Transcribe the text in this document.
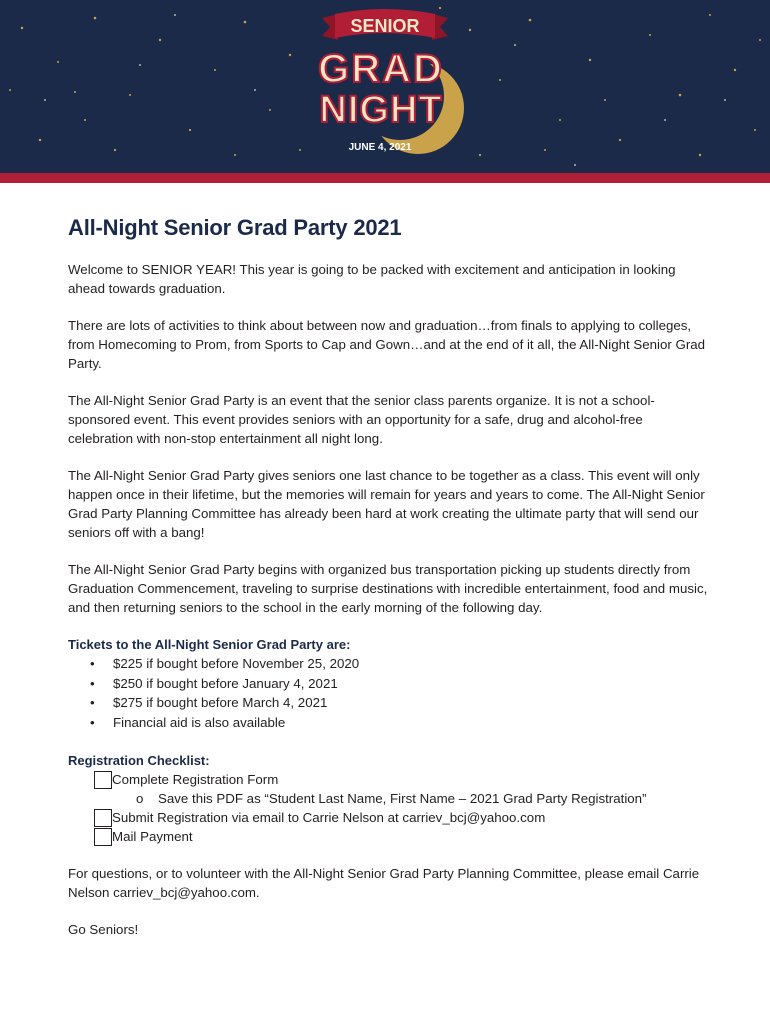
SENIOR
GRAD
NIGHT
JUNE 4, 2021
All-Night Senior Grad Party 2021

Welcome to SENIOR YEAR! This year is going to be packed with excitement and anticipation in looking ahead towards graduation.

There are lots of activities to think about between now and graduation…from finals to applying to colleges, from Homecoming to Prom, from Sports to Cap and Gown…and at the end of it all, the All-Night Senior Grad Party.

The All-Night Senior Grad Party is an event that the senior class parents organize. It is not a school-sponsored event. This event provides seniors with an opportunity for a safe, drug and alcohol-free celebration with non-stop entertainment all night long.

The All-Night Senior Grad Party gives seniors one last chance to be together as a class. This event will only happen once in their lifetime, but the memories will remain for years and years to come. The All-Night Senior Grad Party Planning Committee has already been hard at work creating the ultimate party that will send our seniors off with a bang!

The All-Night Senior Grad Party begins with organized bus transportation picking up students directly from Graduation Commencement, traveling to surprise destinations with incredible entertainment, food and music, and then returning seniors to the school in the early morning of the following day.

Tickets to the All-Night Senior Grad Party are:
• $225 if bought before November 25, 2020
• $250 if bought before January 4, 2021
• $275 if bought before March 4, 2021
• Financial aid is also available
Registration Checklist:
Complete Registration Form
o	Save this PDF as “Student Last Name, First Name – 2021 Grad Party Registration”
Submit Registration via email to Carrie Nelson at carriev_bcj@yahoo.com
Mail Payment

For questions, or to volunteer with the All-Night Senior Grad Party Planning Committee, please email Carrie Nelson carriev_bcj@yahoo.com.

Go Seniors!
